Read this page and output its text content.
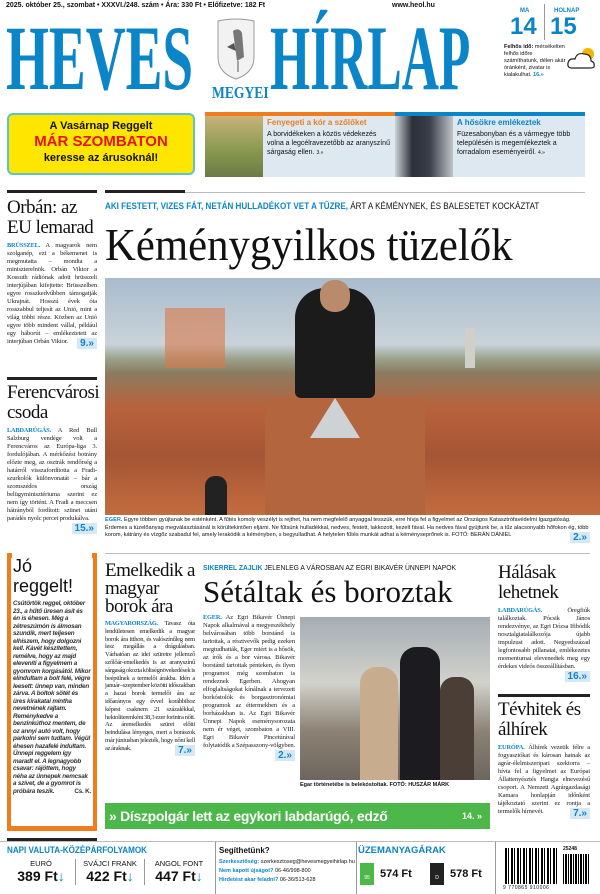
2025. október 25., szombat • XXXVI./248. szám • Ára: 330 Ft • Előfizetve: 182 Ft	www.heol.hu
HEVES MEGYEI HÍRLAP	MA
14
HOLNAP
15
Felhős idő: mérsékelten felhős időre számíthatunk, délen akár óránként, zivatar is kialakulhat. 16.»
A Vasárnap Reggelt
MÁR SZOMBATON
keresse az árusoknál!
Fenyegeti a kór a szőlőket
A borvidékeken a közös védekezés volna a legcélravezetőbb az aranyszínű sárgaság ellen. 3.»
A hősökre emlékeztek
Füzesabonyban és a vármegye több településén is megemlékeztek a forradalom eseményeiről. 4.»
Orbán: az EU lemarad
BRÜSSZEL. A magyarok nem szolganép, ezt a békemenet is megmutatta – mondta a miniszterelnök. Orbán Viktor a Kossuth rádiónak adott brüsszeli interjújában kifejtette: Brüsszelben egyre rosszkedvűbben támogatják Ukrajnát. Hosszú évek óta rosszabbul teljesít az Unió, mint a világ többi része. Közben az Unió egyre több mindent vállal, például egy háborút – emlékeztetett az interjúban Orbán Viktor.	9.»
Ferencvárosi csoda
LABDARÚGÁS. A Red Bull Salzburg vendége volt a Ferencváros az Európa-liga 3. fordulójában. A mérkőzést botrány előzte meg, az osztrák rendőrség a határról visszafordította a Fradi-szurkolók különvonatát – bár a szomszédos ország belügyminisztériuma szerint ez nem így történt. A Fradi a meccsen hátrányból fordított: szünet utáni parádés nyolc percet produkálva.
15.»
Jó reggelt!
Csütörtök reggel, október 23., a hűtő üresen ásít és én is éhesen. Még a zétreszúmón is álmosan szundik, mert teljesen elhiszem, hogy dolgozni kell. Kávét készítettem, remélve, hogy az majd eleveníti a figyelmem a gyomrom korgásától. Mikor elindultam a bolt felé, végre leesett: ünnep van, minden zárva. A boltok sötét és üres kirakatai mintha nevetnének rajtam. Reménykedve a benzinkúthoz mentem, de oz annyi autó volt, hogy parkolni sem tudtam. Végül éhesen hazafelé indultam. Ünnepi reggelem így maradt el. A legnagyobb csavar: rájöttem, hogy néha az ünnepek nemcsak a szívet, de a gyomrot is próbára teszik.	Cs. K.
AKI FESTETT, VIZES FÁT, NETÁN HULLADÉKOT VET A TŰZRE, ÁRT A KÉMÉNYNEK, ÉS BALESETET KOCKÁZTAT
Kéménygyilkos tüzelők
EGER. Egyre többen gyújtanak be esténként. A fűtés komoly veszélyt is rejthet, ha nem megfelelő anyaggal tesszük, erre hívja fel a figyelmet az Országos Katasztrófavédelmi Igazgatóság. Érdemes a tüzelőanyag megválasztásánál is körültekintően eljárni. Ne fűtsünk hulladékkal, nedves, festett, lakkozott, kezelt fával. Ha nedves fával gyújtunk be, a tűz alacsonyabb hőfokon ég, több korom, kátrány és vízgőz szabadul fel, amely lerakódik a kéményben, s begyulladhat. A helytelen fűtés munkát adhat a kéményseprőnek is. FOTÓ: BERÁN DÁNIEL	2.»
Emelkedik a magyar borok ára
MAGYARORSZÁG. Tavasz óta lendületesen emelkedik a magyar borok ára itthon, és valószínűleg nem lesz megállás a drágulásban. Várhatóan az idei szüretre jellemző szőlőár-emelkedés is az aranyszínű sárgaság okozta költségnövekedések is beépülnek a termelői árakba. Idén a január–szeptember közötti időszakban a hazai borok termelői ára az időarányos egy évvel korábbihoz képest csaknem 21 százalékkal, hektoliterenként 38,3 ezer forintra nőtt. Az áremelkedés szüret előtti beindulása lényeges, mert a borászok már júniusban jelezték, hogy nőni kell az áraknak.	7.»
SIKERREL ZAJLIK JELENLEG A VÁROSBAN AZ EGRI BIKAVÉR ÜNNEPI NAPOK
Sétáltak és boroztak
EGER. Az Egri Bikavér Ünnepi Napok alkalmával a megyeszékhely belvárosában több borstánd is tartottak, a résztvevők pedig ezeken megtudhatták, Eger miért is a hősök, az írók és a bor városa. Bikavér borstánd tartottak pénteken, és ilyen programot még szombaton is rendeznek Egerben. Ahogyan elfoglaltságokat kínálnak a tervezett borkóstolók és borgasztronómiai programok az éttermekben és a borházakban is. Az Egri Bikavér Ünnepi Napok eseménysorozata nem ér véget, szombaton a VIII. Egri Bikavér Pincetúrával folytatódik a Szépasszony-völgyben.
2.»
Egar történetébe is belekóstoltak. FOTÓ: HUSZÁR MÁRK
» Díszpolgár lett az egykori labdarúgó, edző	14. »
Hálásak lehetnek
LABDARÚGÁS.	Öregfiúk találkoztak. Pócsik János rendezvénye, az Egri Dózsa Ifibódik nosztalgiatalálkozója újabb impulzust adott. Negyedszázad legfontosabb pillanatai, emlékezetes momentumai elevenedtek meg egy érdekes videós összeállításban.
16.»
Tévhitek és álhírek
EURÓPA. Álhírek vezetik félre a fogyasztókat és károsan hatnak az agrár-élelmiszeripari szektorra – hívta fel a figyelmet az Európai Állattenyésztés Hangja elnevezésű csoport. A Nemzeti Agrárgazdasági Kamara honlapján időnként tájékoztató szerint ez rontja a termelők hírnevét.	7.»
NAPI VALUTA-KÖZÉPÁRFOLYAMOK
EURÓ
389 Ft↓
SVÁJCI FRANK
422 Ft↓
ANGOL FONT
447 Ft↓
Segíthetünk?
Szerkesztőség: szerkesztoseg@hevesmegyeihirlap.hu
Nem kapott újságot? 06-46/998-800
Hirdetést akar feladni? 06-36/513-628
ÜZEMANYAGÁRAK
95 574 Ft	D	578 Ft
25248
9 770865 910006
